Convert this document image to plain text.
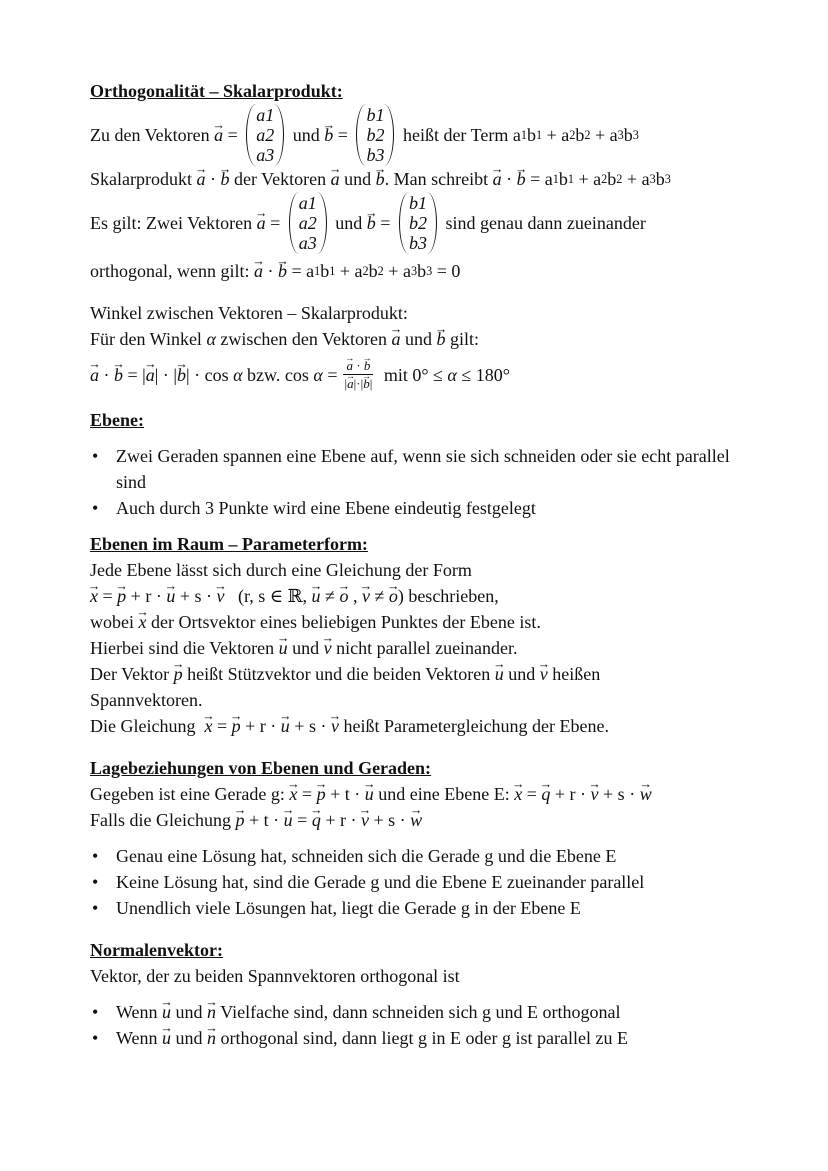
Orthogonalität – Skalarprodukt:

Zu den Vektoren → a =
a1
a2
a3
und → b =
b1
b2
b3
heißt der Term a 1 b 1 + a 2 b 2 + a 3 b 3
Skalarprodukt → a · → b der Vektoren → a und → b . Man schreibt → a · → b = a 1 b 1 + a 2 b 2 + a 3 b 3
Es gilt: Zwei Vektoren → a =
a1
a2
a3
und → b =
b1
b2
b3
sind genau dann zueinander
orthogonal, wenn gilt: → a · → b = a 1 b 1 + a 2 b 2 + a 3 b 3 = 0

Winkel zwischen Vektoren – Skalarprodukt:

Für den Winkel α zwischen den Vektoren → a und → b gilt:
→ a · → b = | → a | · | → b | · cos α bzw. cos α = → $\frac{a \cdot \to b}{|\to a|\cdot|\to b|}$ mit 0° ≤ α ≤ 180°

Ebene:

• Zwei Geraden spannen eine Ebene auf, wenn sie sich schneiden oder sie echt parallel sind
• Auch durch 3 Punkte wird eine Ebene eindeutig festgelegt

Ebenen im Raum – Parameterform:

Jede Ebene lässt sich durch eine Gleichung der Form

→ x = → p + r · → u + s · → v (r, s ∈ ℝ, → u ≠ → o , → v ≠ → o ) beschrieben,
wobei → x der Ortsvektor eines beliebigen Punktes der Ebene ist.
Hierbei sind die Vektoren → u und → v nicht parallel zueinander.
Der Vektor → p heißt Stützvektor und die beiden Vektoren → u und → v heißen

Spannvektoren.

Die Gleichung → x = → p + r · → u + s · → v heißt Parametergleichung der Ebene.

Lagebeziehungen von Ebenen und Geraden:

Gegeben ist eine Gerade g: → x = → p + t · → u und eine Ebene E: → x = → q + r · → v + s · → w
Falls die Gleichung → p + t · → u = → q + r · → v + s · → w
• Genau eine Lösung hat, schneiden sich die Gerade g und die Ebene E
• Keine Lösung hat, sind die Gerade g und die Ebene E zueinander parallel
• Unendlich viele Lösungen hat, liegt die Gerade g in der Ebene E

Normalenvektor:

Vektor, der zu beiden Spannvektoren orthogonal ist

• Wenn → u und → n Vielfache sind, dann schneiden sich g und E orthogonal
• Wenn → u und → n orthogonal sind, dann liegt g in E oder g ist parallel zu E
